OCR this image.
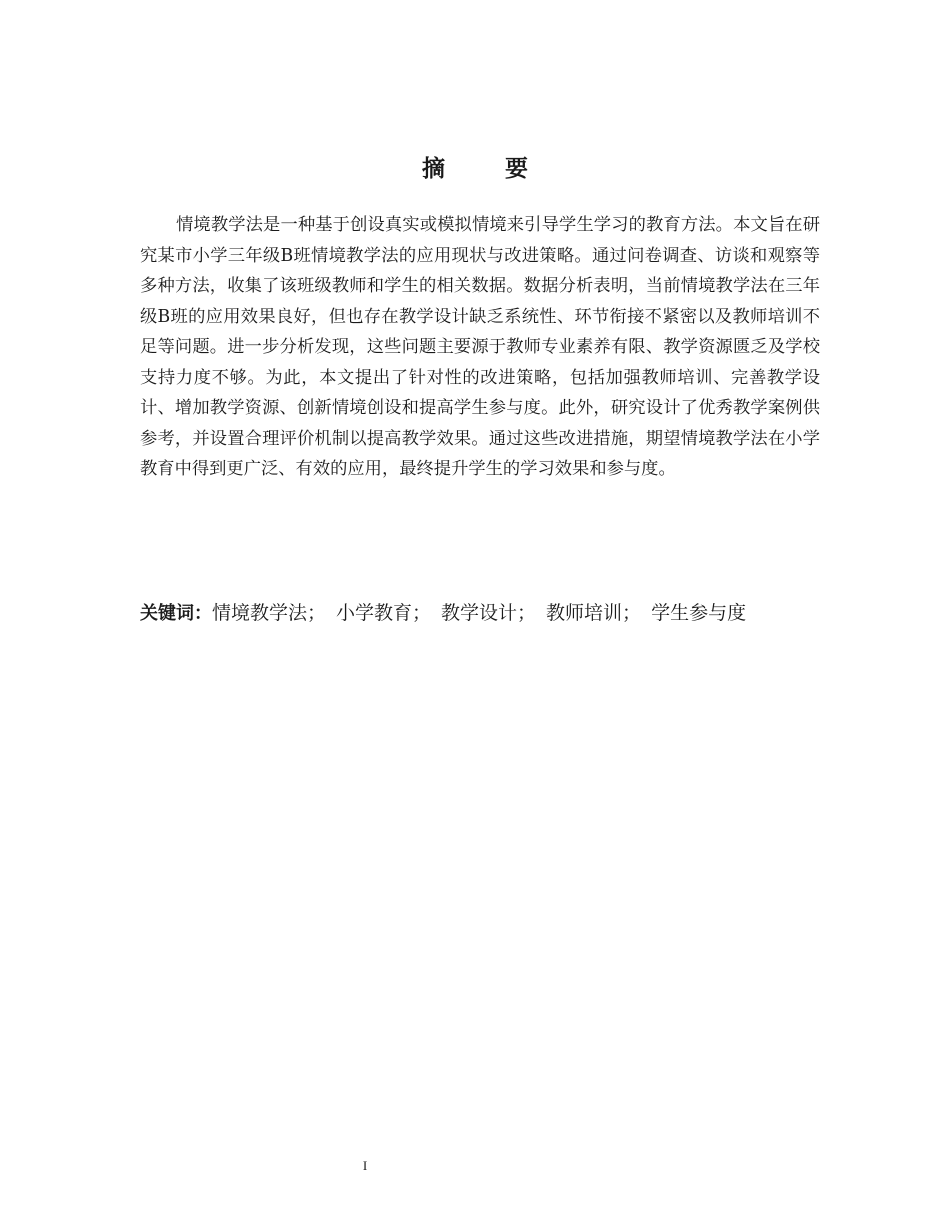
摘 要

情境教学法是一种基于创设真实或模拟情境来引导学生学习的教育方法。本文旨在研究某市小学三年级B班情境教学法的应用现状与改进策略。通过问卷调查、访谈和观察等多种方法，收集了该班级教师和学生的相关数据。数据分析表明，当前情境教学法在三年级B班的应用效果良好，但也存在教学设计缺乏系统性、环节衔接不紧密以及教师培训不足等问题。进一步分析发现，这些问题主要源于教师专业素养有限、教学资源匮乏及学校支持力度不够。为此，本文提出了针对性的改进策略，包括加强教师培训、完善教学设计、增加教学资源、创新情境创设和提高学生参与度。此外，研究设计了优秀教学案例供参考，并设置合理评价机制以提高教学效果。通过这些改进措施，期望情境教学法在小学教育中得到更广泛、有效的应用，最终提升学生的学习效果和参与度。

关键词：情境教学法； 小学教育； 教学设计； 教师培训； 学生参与度
I
